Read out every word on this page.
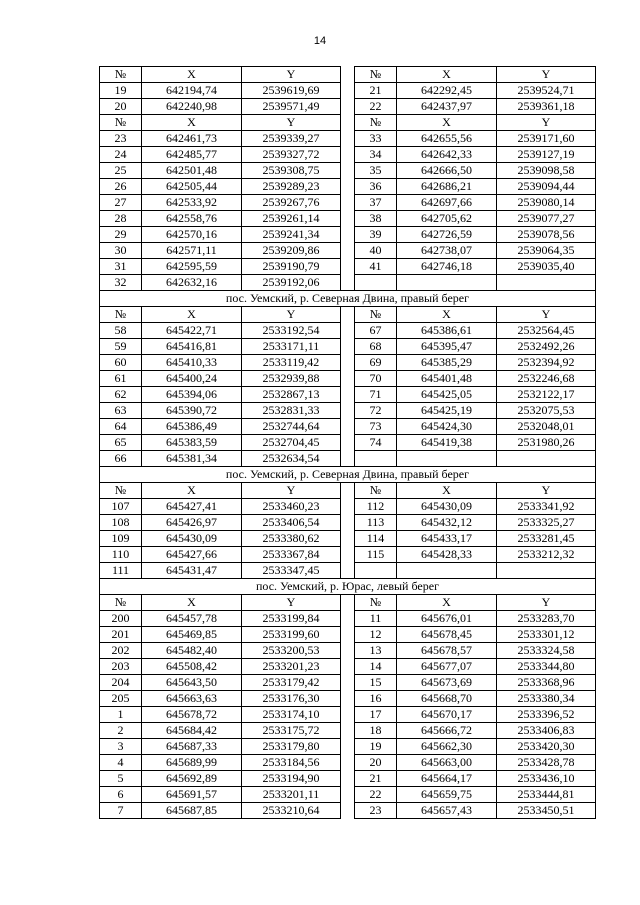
14
№	X	Y		№	X	Y
19	642194,74	2539619,69		21	642292,45	2539524,71
20	642240,98	2539571,49		22	642437,97	2539361,18
№	X	Y		№	X	Y
23	642461,73	2539339,27		33	642655,56	2539171,60
24	642485,77	2539327,72		34	642642,33	2539127,19
25	642501,48	2539308,75		35	642666,50	2539098,58
26	642505,44	2539289,23		36	642686,21	2539094,44
27	642533,92	2539267,76		37	642697,66	2539080,14
28	642558,76	2539261,14		38	642705,62	2539077,27
29	642570,16	2539241,34		39	642726,59	2539078,56
30	642571,11	2539209,86		40	642738,07	2539064,35
31	642595,59	2539190,79		41	642746,18	2539035,40
32	642632,16	2539192,06				
пос. Уемский, р. Северная Двина, правый берег						
№	X	Y		№	X	Y
58	645422,71	2533192,54		67	645386,61	2532564,45
59	645416,81	2533171,11		68	645395,47	2532492,26
60	645410,33	2533119,42		69	645385,29	2532394,92
61	645400,24	2532939,88		70	645401,48	2532246,68
62	645394,06	2532867,13		71	645425,05	2532122,17
63	645390,72	2532831,33		72	645425,19	2532075,53
64	645386,49	2532744,64		73	645424,30	2532048,01
65	645383,59	2532704,45		74	645419,38	2531980,26
66	645381,34	2532634,54				
пос. Уемский, р. Северная Двина, правый берег						
№	X	Y		№	X	Y
107	645427,41	2533460,23		112	645430,09	2533341,92
108	645426,97	2533406,54		113	645432,12	2533325,27
109	645430,09	2533380,62		114	645433,17	2533281,45
110	645427,66	2533367,84		115	645428,33	2533212,32
111	645431,47	2533347,45				
пос. Уемский, р. Юрас, левый берег						
№	X	Y		№	X	Y
200	645457,78	2533199,84		11	645676,01	2533283,70
201	645469,85	2533199,60		12	645678,45	2533301,12
202	645482,40	2533200,53		13	645678,57	2533324,58
203	645508,42	2533201,23		14	645677,07	2533344,80
204	645643,50	2533179,42		15	645673,69	2533368,96
205	645663,63	2533176,30		16	645668,70	2533380,34
1	645678,72	2533174,10		17	645670,17	2533396,52
2	645684,42	2533175,72		18	645666,72	2533406,83
3	645687,33	2533179,80		19	645662,30	2533420,30
4	645689,99	2533184,56		20	645663,00	2533428,78
5	645692,89	2533194,90		21	645664,17	2533436,10
6	645691,57	2533201,11		22	645659,75	2533444,81
7	645687,85	2533210,64		23	645657,43	2533450,51
